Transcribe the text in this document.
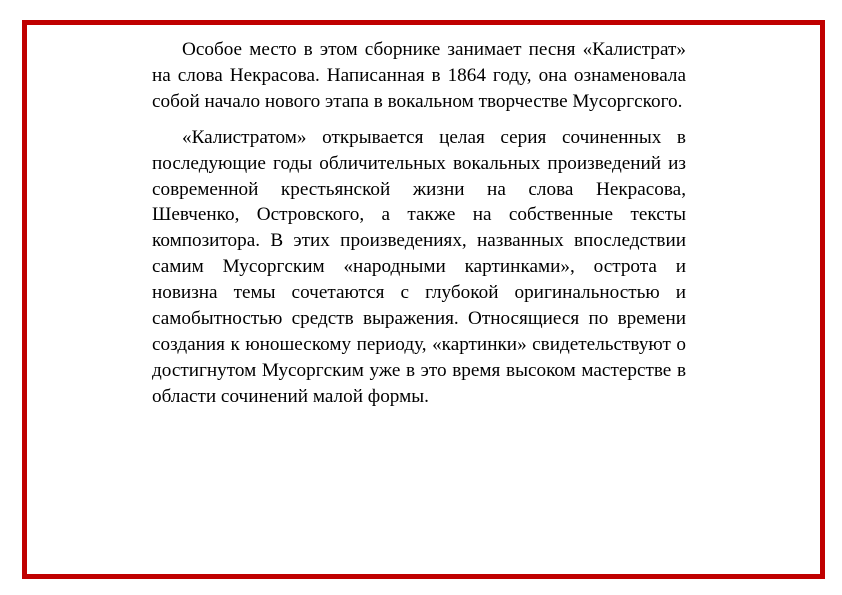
Особое место в этом сборнике занимает песня «Калистрат» на слова Некрасова. Написанная в 1864 году, она ознаменовала собой начало нового этапа в вокальном творчестве Мусоргского.

«Калистратом» открывается целая серия сочиненных в последующие годы обличительных вокальных произведений из современной крестьянской жизни на слова Некрасова, Шевченко, Островского, а также на собственные тексты композитора. В этих произведениях, названных впоследствии самим Мусоргским «народными картинками», острота и новизна темы сочетаются с глубокой оригинальностью и самобытностью средств выражения. Относящиеся по времени создания к юношескому периоду, «картинки» свидетельствуют о достигнутом Мусоргским уже в это время высоком мастерстве в области сочинений малой формы.
